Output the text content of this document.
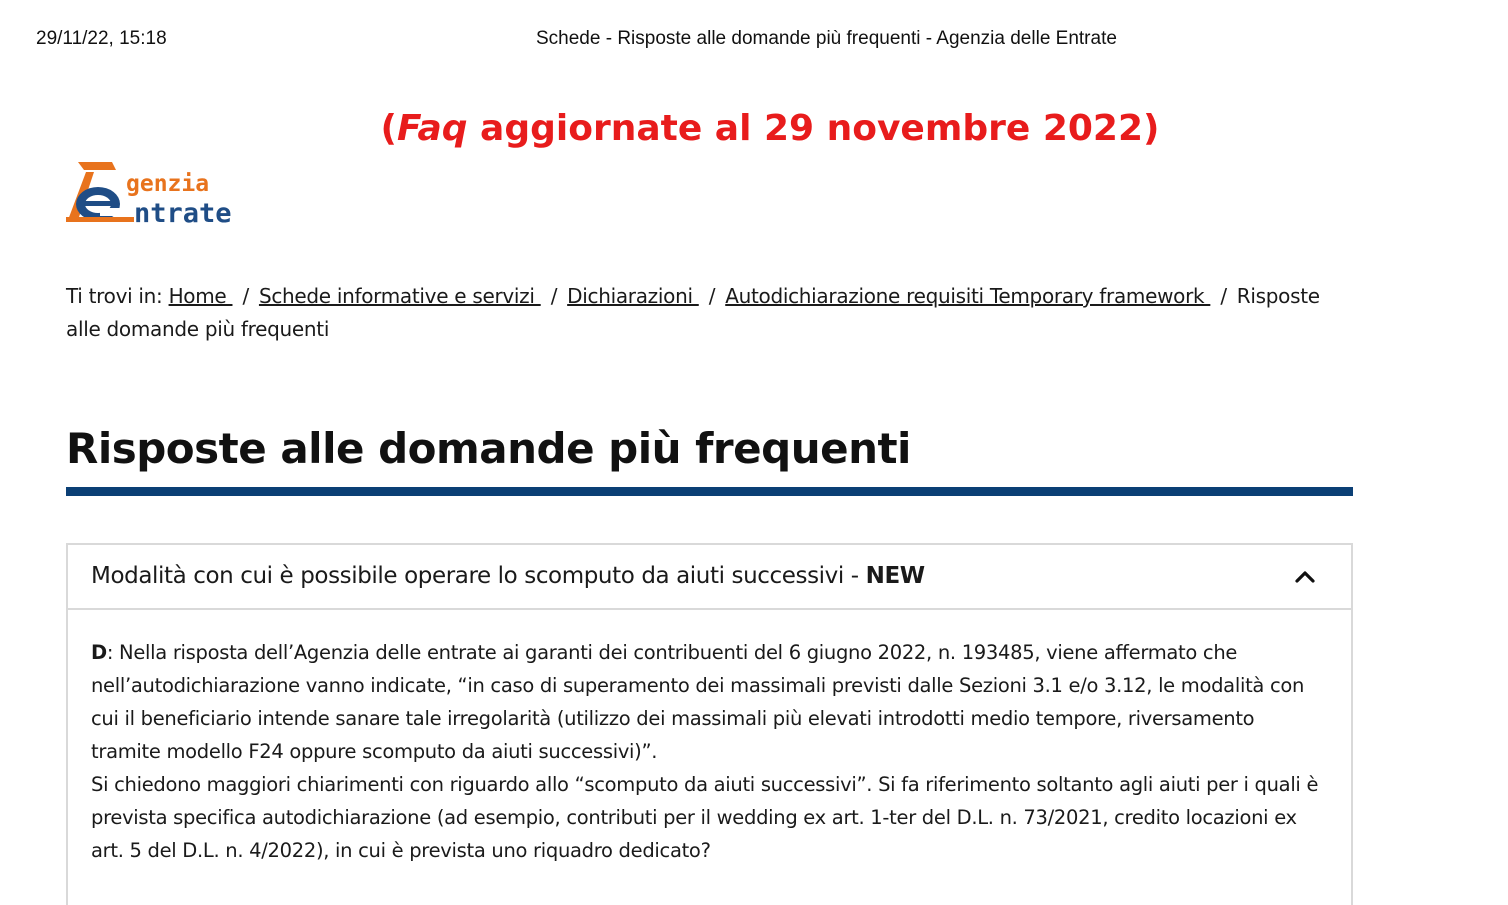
29/11/22, 15:18	Schede - Risposte alle domande più frequenti - Agenzia delle Entrate
(Faq aggiornate al 29 novembre 2022)
genzia
ntrate
Ti trovi in: Home / Schede informative e servizi / Dichiarazioni / Autodichiarazione requisiti Temporary framework / Risposte alle domande più frequenti
Risposte alle domande più frequenti
Modalità con cui è possibile operare lo scomputo da aiuti successivi - NEW

D: Nella risposta dell’Agenzia delle entrate ai garanti dei contribuenti del 6 giugno 2022, n. 193485, viene affermato che nell’autodichiarazione vanno indicate, “in caso di superamento dei massimali previsti dalle Sezioni 3.1 e/o 3.12, le modalità con cui il beneficiario intende sanare tale irregolarità (utilizzo dei massimali più elevati introdotti medio tempore, riversamento tramite modello F24 oppure scomputo da aiuti successivi)”.

Si chiedono maggiori chiarimenti con riguardo allo “scomputo da aiuti successivi”. Si fa riferimento soltanto agli aiuti per i quali è prevista specifica autodichiarazione (ad esempio, contributi per il wedding ex art. 1-ter del D.L. n. 73/2021, credito locazioni ex art. 5 del D.L. n. 4/2022), in cui è prevista uno riquadro dedicato?
